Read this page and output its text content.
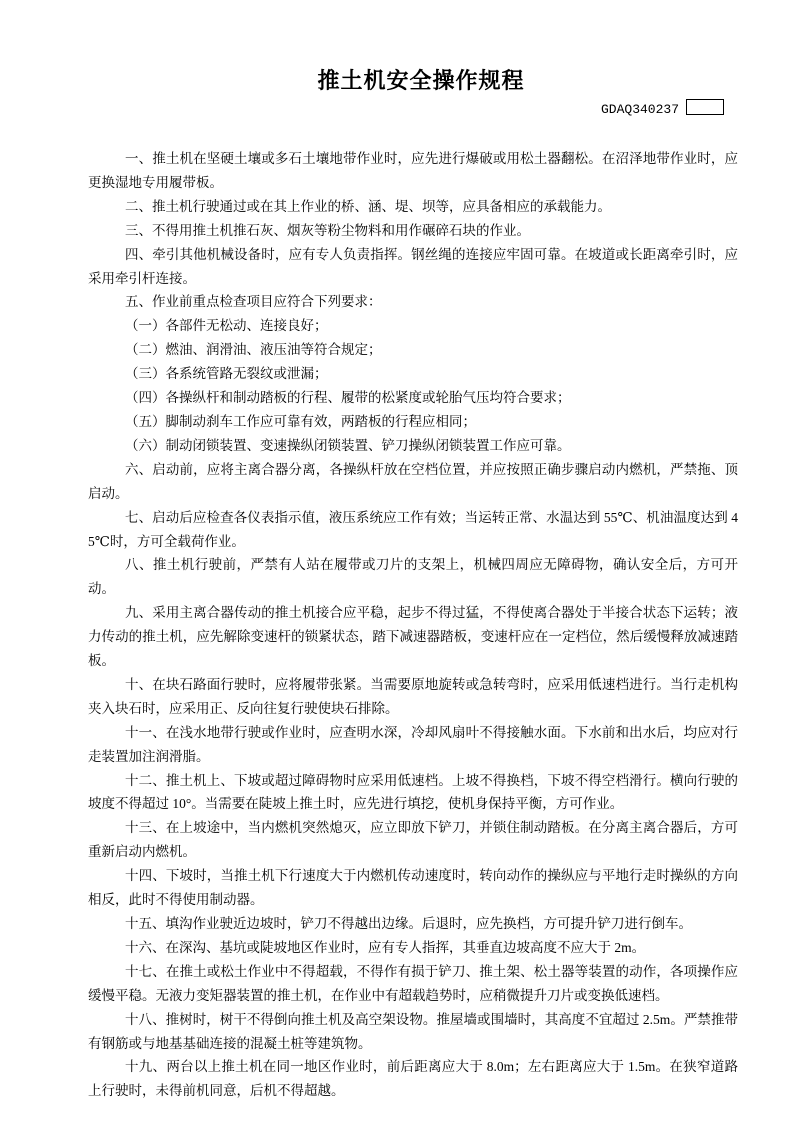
推土机安全操作规程
GDAQ340237

一、推土机在坚硬土壤或多石土壤地带作业时，应先进行爆破或用松土器翻松。在沼泽地带作业时，应更换湿地专用履带板。

二、推土机行驶通过或在其上作业的桥、涵、堤、坝等，应具备相应的承载能力。

三、不得用推土机推石灰、烟灰等粉尘物料和用作碾碎石块的作业。

四、牵引其他机械设备时，应有专人负责指挥。钢丝绳的连接应牢固可靠。在坡道或长距离牵引时，应采用牵引杆连接。

五、作业前重点检查项目应符合下列要求：

（一）各部件无松动、连接良好；

（二）燃油、润滑油、液压油等符合规定；

（三）各系统管路无裂纹或泄漏；

（四）各操纵杆和制动踏板的行程、履带的松紧度或轮胎气压均符合要求；

（五）脚制动刹车工作应可靠有效，两踏板的行程应相同；

（六）制动闭锁装置、变速操纵闭锁装置、铲刀操纵闭锁装置工作应可靠。

六、启动前，应将主离合器分离，各操纵杆放在空档位置，并应按照正确步骤启动内燃机，严禁拖、顶启动。

七、启动后应检查各仪表指示值，液压系统应工作有效；当运转正常、水温达到 55℃、机油温度达到 45℃时，方可全载荷作业。

八、推土机行驶前，严禁有人站在履带或刀片的支架上，机械四周应无障碍物，确认安全后，方可开动。

九、采用主离合器传动的推土机接合应平稳，起步不得过猛，不得使离合器处于半接合状态下运转；液力传动的推土机，应先解除变速杆的锁紧状态，踏下减速器踏板，变速杆应在一定档位，然后缓慢释放减速踏板。

十、在块石路面行驶时，应将履带张紧。当需要原地旋转或急转弯时，应采用低速档进行。当行走机构夹入块石时，应采用正、反向往复行驶使块石排除。

十一、在浅水地带行驶或作业时，应查明水深，冷却风扇叶不得接触水面。下水前和出水后，均应对行走装置加注润滑脂。

十二、推土机上、下坡或超过障碍物时应采用低速档。上坡不得换档，下坡不得空档滑行。横向行驶的坡度不得超过 10°。当需要在陡坡上推土时，应先进行填挖，使机身保持平衡，方可作业。

十三、在上坡途中，当内燃机突然熄灭，应立即放下铲刀，并锁住制动踏板。在分离主离合器后，方可重新启动内燃机。

十四、下坡时，当推土机下行速度大于内燃机传动速度时，转向动作的操纵应与平地行走时操纵的方向相反，此时不得使用制动器。

十五、填沟作业驶近边坡时，铲刀不得越出边缘。后退时，应先换档，方可提升铲刀进行倒车。

十六、在深沟、基坑或陡坡地区作业时，应有专人指挥，其垂直边坡高度不应大于 2m。

十七、在推土或松土作业中不得超载，不得作有损于铲刀、推土架、松土器等装置的动作，各项操作应缓慢平稳。无液力变矩器装置的推土机，在作业中有超载趋势时，应稍微提升刀片或变换低速档。

十八、推树时，树干不得倒向推土机及高空架设物。推屋墙或围墙时，其高度不宜超过 2.5m。严禁推带有钢筋或与地基基础连接的混凝土桩等建筑物。

十九、两台以上推土机在同一地区作业时，前后距离应大于 8.0m；左右距离应大于 1.5m。在狭窄道路上行驶时，未得前机同意，后机不得超越。
